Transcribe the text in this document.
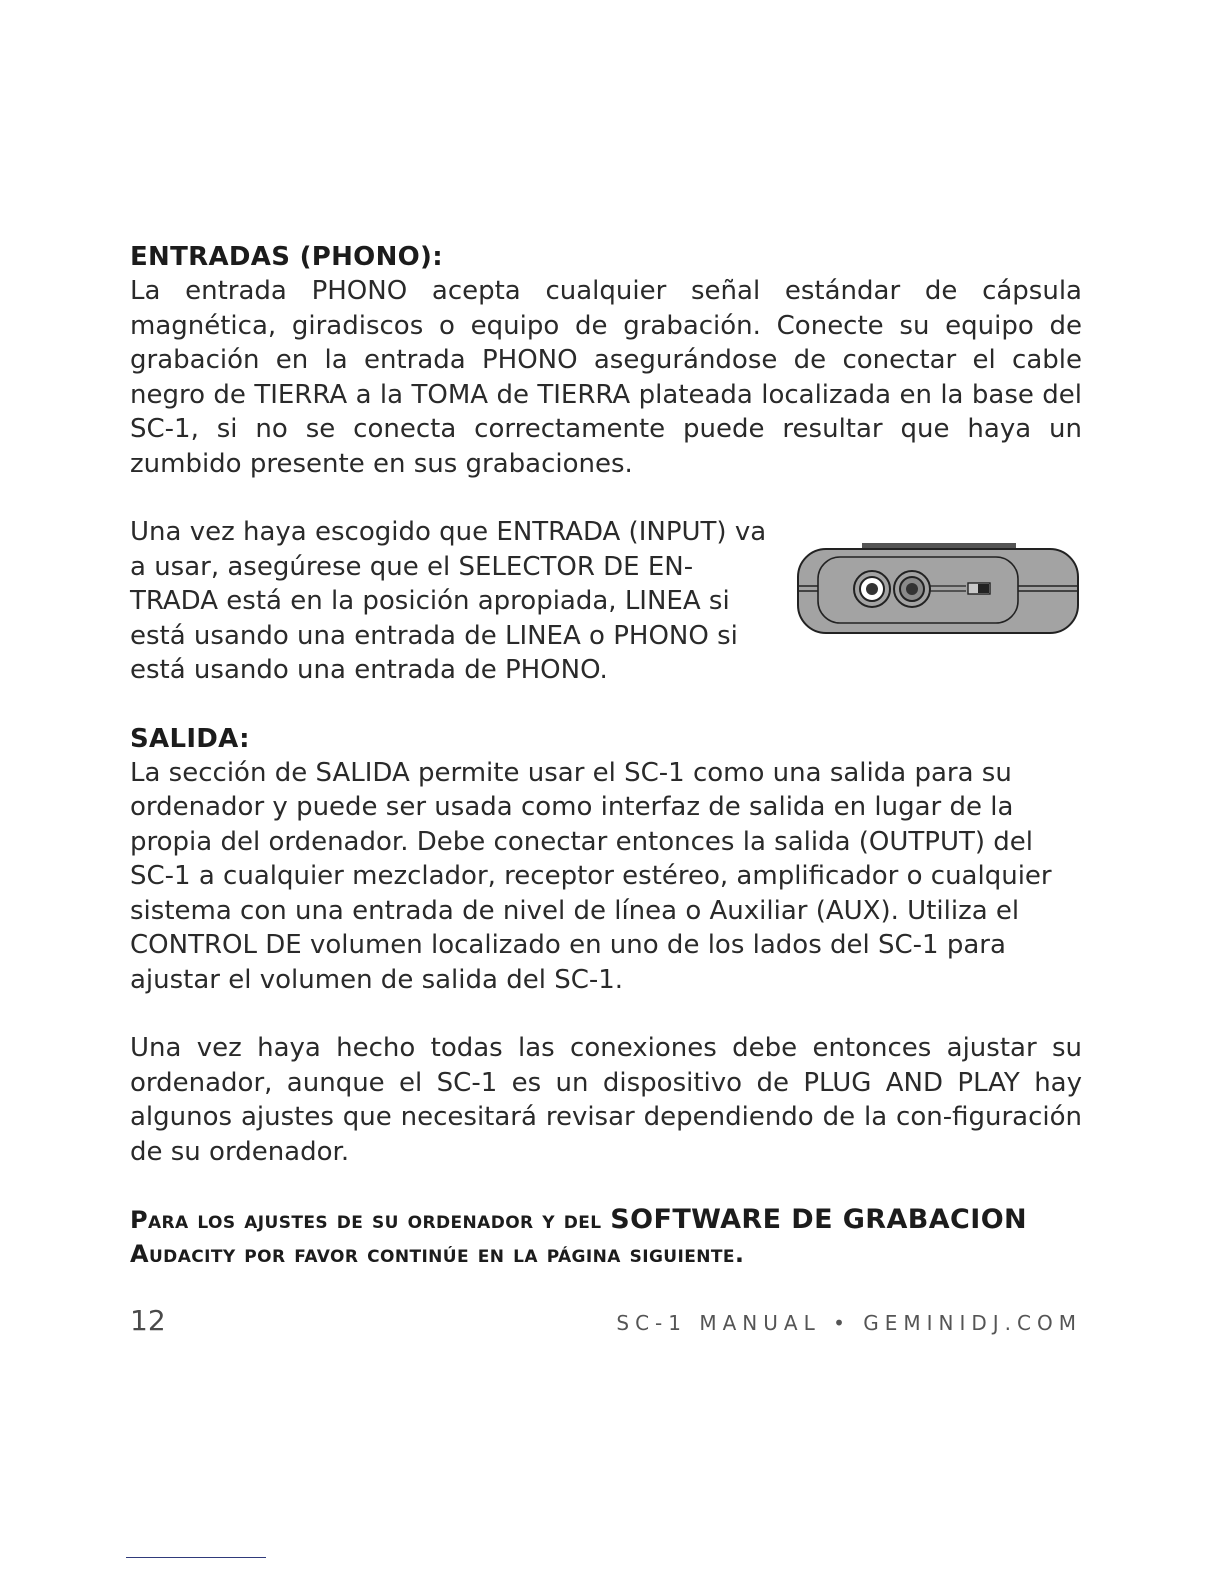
ENTRADAS (PHONO):

La entrada PHONO acepta cualquier señal estándar de cápsula magnética, giradiscos o equipo de grabación. Conecte su equipo de grabación en la entrada PHONO asegurándose de conectar el cable negro de TIERRA a la TOMA de TIERRA plateada localizada en la base del SC-1, si no se conecta correctamente puede resultar que haya un zumbido presente en sus grabaciones.

Una vez haya escogido que ENTRADA (INPUT) va a usar, asegúrese que el SELECTOR DE EN-TRADA está en la posición apropiada, LINEA si está usando una entrada de LINEA o PHONO si está usando una entrada de PHONO.

SALIDA:

La sección de SALIDA permite usar el SC-1 como una salida para su ordenador y puede ser usada como interfaz de salida en lugar de la propia del ordenador. Debe conectar entonces la salida (OUTPUT) del SC-1 a cualquier mezclador, receptor estéreo, amplificador o cualquier sistema con una entrada de nivel de línea o Auxiliar (AUX). Utiliza el CONTROL DE volumen localizado en uno de los lados del SC-1 para ajustar el volumen de salida del SC-1.

Una vez haya hecho todas las conexiones debe entonces ajustar su ordenador, aunque el SC-1 es un dispositivo de PLUG AND PLAY hay algunos ajustes que necesitará revisar dependiendo de la con-figuración de su ordenador.

Para los ajustes de su ordenador y del SOFTWARE DE GRABACION Audacity por favor continúe en la página siguiente.

12	SC-1 MANUAL • GEMINIDJ.COM
